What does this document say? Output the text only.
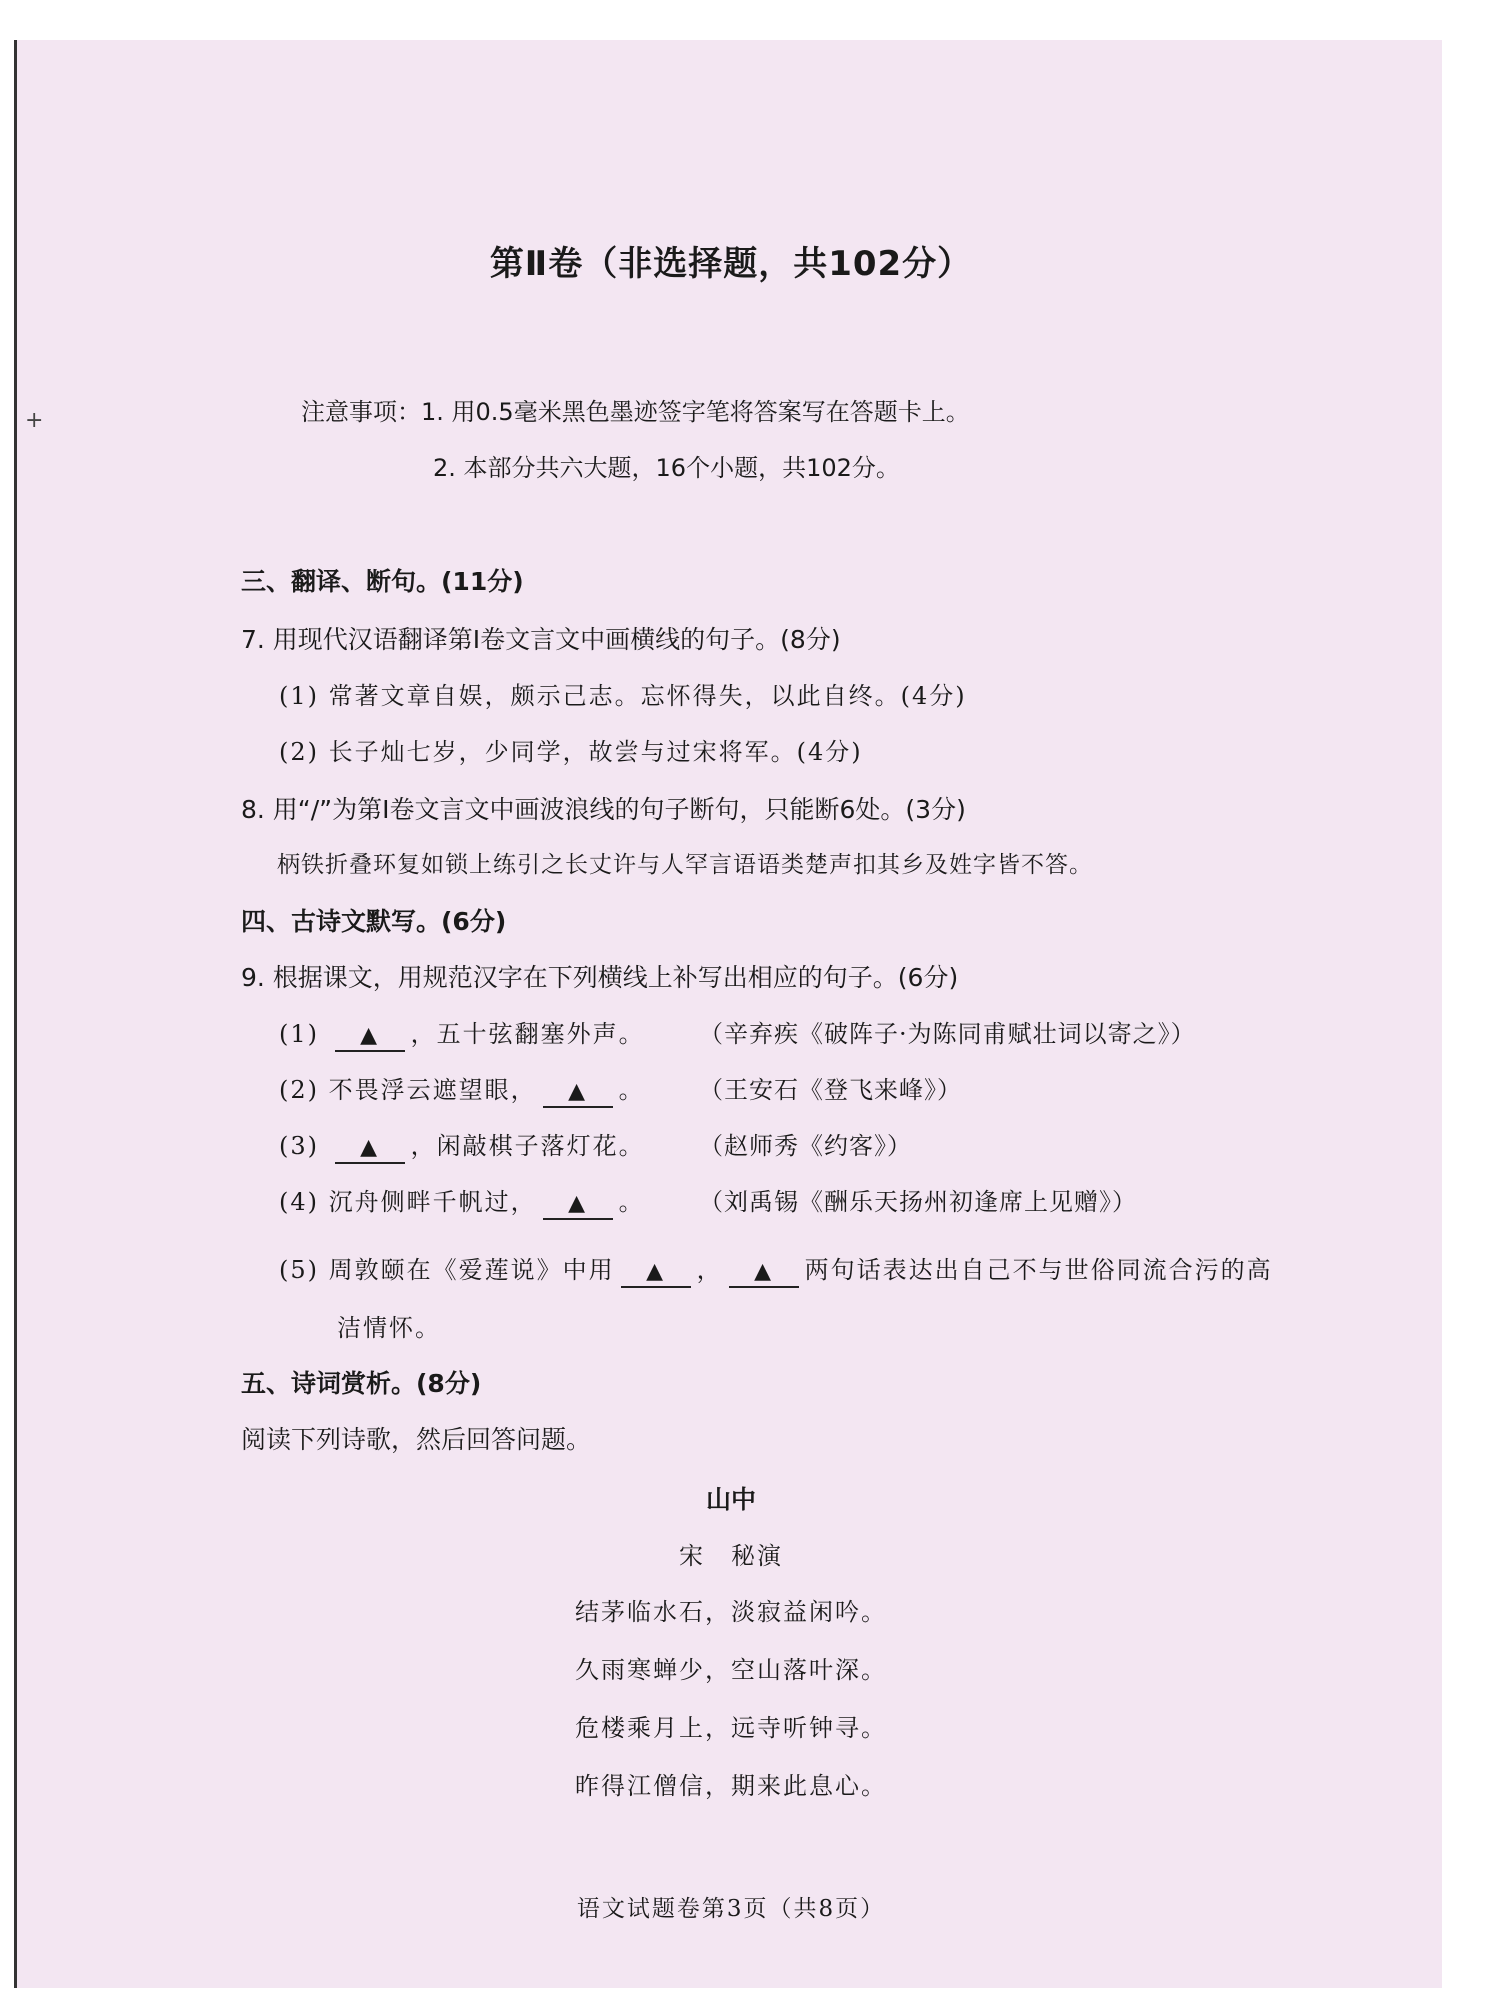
+
第Ⅱ卷（非选择题，共102分）
注意事项：1. 用0.5毫米黑色墨迹签字笔将答案写在答题卡上。
2. 本部分共六大题，16个小题，共102分。
三、翻译、断句。(11分)
7. 用现代汉语翻译第Ⅰ卷文言文中画横线的句子。(8分)
(1) 常著文章自娱，颇示己志。忘怀得失，以此自终。(4分)
(2) 长子灿七岁，少同学，故尝与过宋将军。(4分)
8. 用“/”为第Ⅰ卷文言文中画波浪线的句子断句，只能断6处。(3分)
柄铁折叠环复如锁上练引之长丈许与人罕言语语类楚声扣其乡及姓字皆不答。
四、古诗文默写。(6分)
9. 根据课文，用规范汉字在下列横线上补写出相应的句子。(6分)
(1) ▲ ，五十弦翻塞外声。 （辛弃疾《破阵子·为陈同甫赋壮词以寄之》）
(2) 不畏浮云遮望眼， ▲ 。 （王安石《登飞来峰》）
(3) ▲ ，闲敲棋子落灯花。 （赵师秀《约客》）
(4) 沉舟侧畔千帆过， ▲ 。 （刘禹锡《酬乐天扬州初逢席上见赠》）
(5) 周敦颐在《爱莲说》中用 ▲ ， ▲ 两句话表达出自己不与世俗同流合污的高
洁情怀。
五、诗词赏析。(8分)
阅读下列诗歌，然后回答问题。
山中
宋　秘演
结茅临水石，淡寂益闲吟。
久雨寒蝉少，空山落叶深。
危楼乘月上，远寺听钟寻。
昨得江僧信，期来此息心。
语文试题卷第3页（共8页）
